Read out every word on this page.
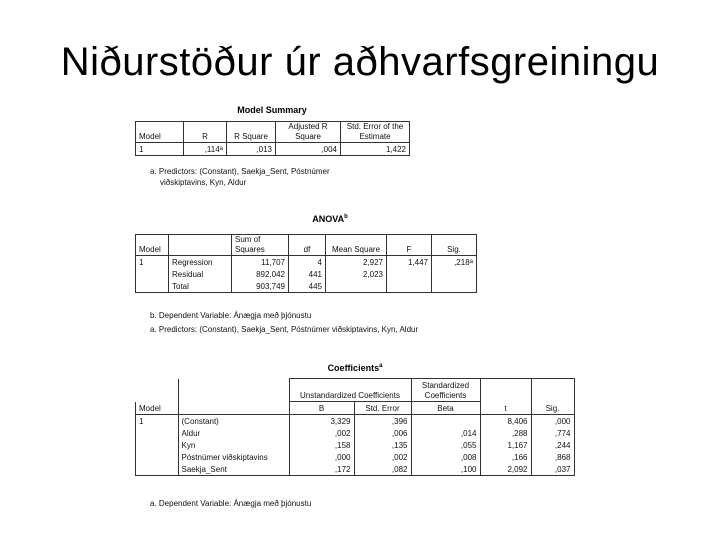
Niðurstöður úr aðhvarfsgreiningu
Model Summary
Model	R	R Square	Adjusted R Square	Std. Error of the Estimate
1	,114$^a$	,013	,004	1,422
a. Predictors: (Constant), Saekja_Sent, Póstnúmer
viðskiptavins, Kyn, Aldur
ANOVA$^b$
Model		Sum of Squares	df	Mean Square	F	Sig.
1	Regression	11,707	4	2,927	1,447	,218$^a$
	Residual	892,042	441	2,023		
	Total	903,749	445			
b. Dependent Variable: Ánægja með þjónustu
a. Predictors: (Constant), Saekja_Sent, Póstnúmer viðskiptavins, Kyn, Aldur
Coefficients$^a$
		Unstandardized Coefficients		Standardized Coefficients		
Model		B	Std. Error	Beta	t	Sig.
1	(Constant)	3,329	,396		8,406	,000
	Aldur	,002	,006	,014	,288	,774
	Kyn	,158	,135	,055	1,167	,244
	Póstnúmer viðskiptavins	,000	,002	,008	,166	,868
	Saekja_Sent	,172	,082	,100	2,092	,037
a. Dependent Variable: Ánægja með þjónustu
